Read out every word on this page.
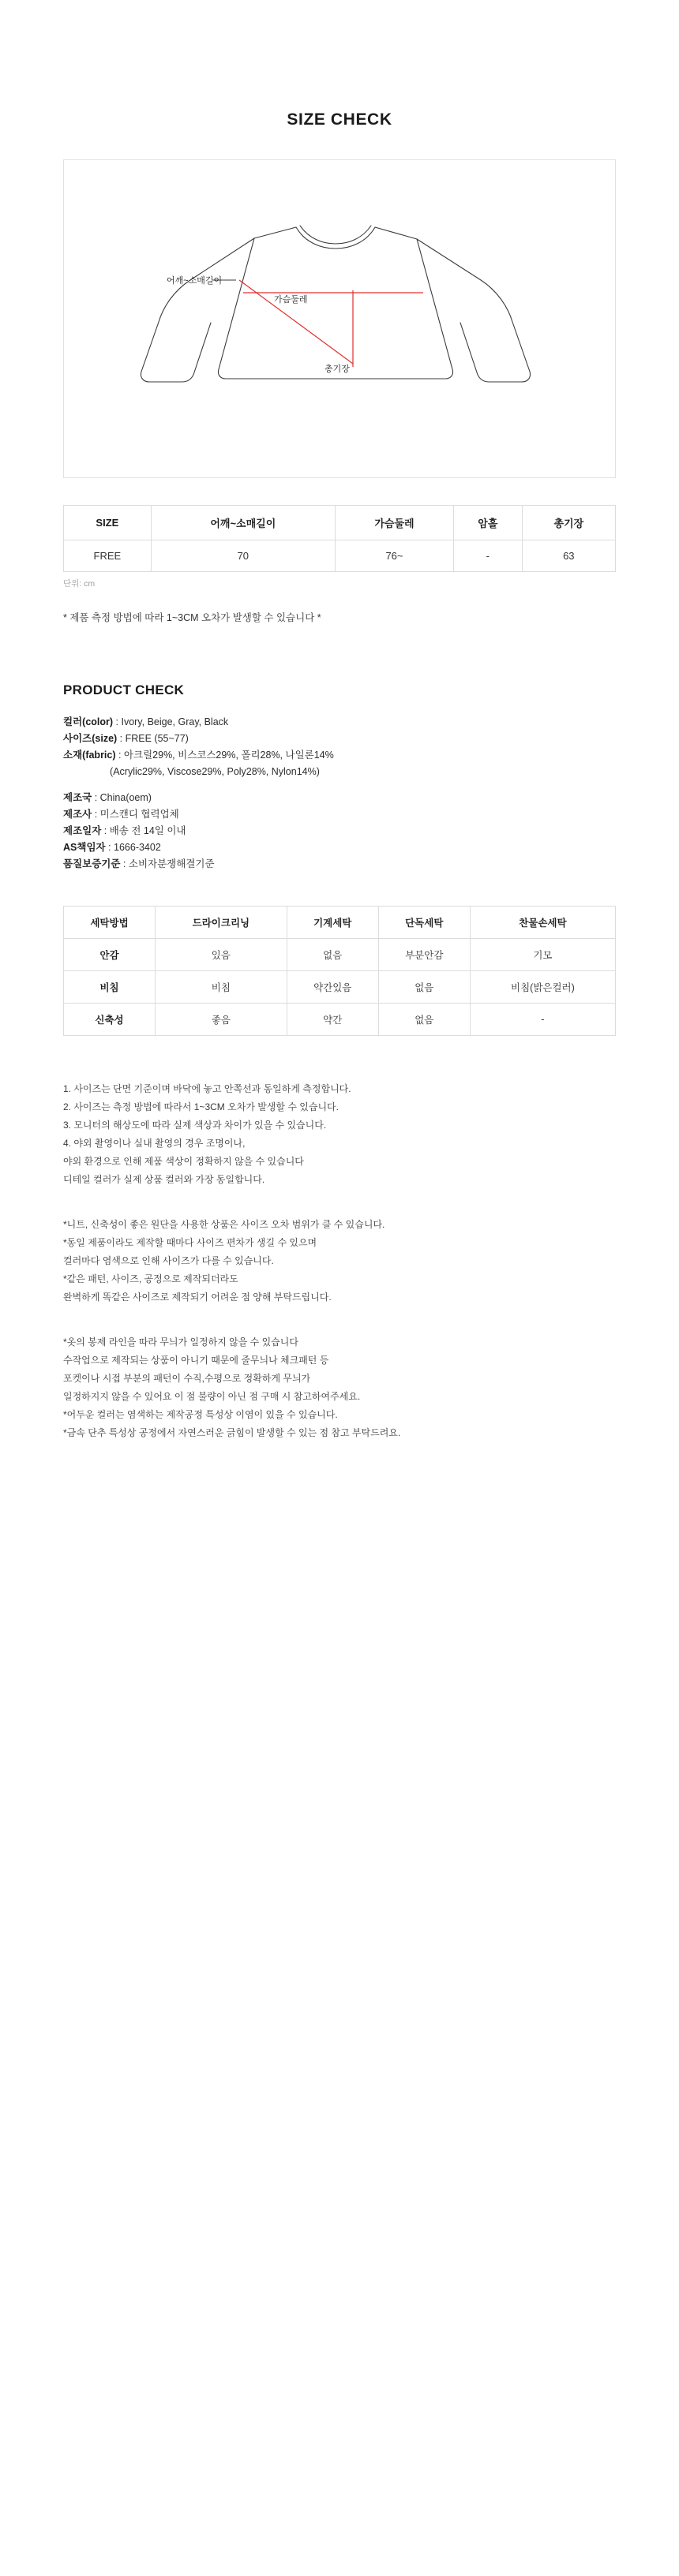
SIZE CHECK
어깨~소매길이
가슴둘레
총기장
SIZE	어깨~소매길이	가슴둘레	암홀	총기장
FREE	70	76~	-	63
단위: cm
* 제품 측정 방법에 따라 1~3CM 오차가 발생할 수 있습니다 *
PRODUCT CHECK
컬러(color) : Ivory, Beige, Gray, Black
사이즈(size) : FREE (55~77)
소재(fabric) : 아크릴29%, 비스코스29%, 폴리28%, 나일론14%
(Acrylic29%, Viscose29%, Poly28%, Nylon14%)
제조국 : China(oem)
제조사 : 미스캔디 협력업체
제조일자 : 배송 전 14일 이내
AS책임자 : 1666-3402
품질보증기준 : 소비자분쟁해결기준
세탁방법	드라이크리닝	기계세탁	단독세탁	찬물손세탁
안감	있음	없음	부분안감	기모
비침	비침	약간있음	없음	비침(밝은컬러)
신축성	좋음	약간	없음	-

1. 사이즈는 단면 기준이며 바닥에 놓고 안쪽선과 동일하게 측정합니다.

2. 사이즈는 측정 방법에 따라서 1~3CM 오차가 발생할 수 있습니다.

3. 모니터의 해상도에 따라 실제 색상과 차이가 있을 수 있습니다.

4. 야외 촬영이나 실내 촬영의 경우 조명이나,

야외 환경으로 인해 제품 색상이 정확하지 않을 수 있습니다

디테일 컬러가 실제 상품 컬러와 가장 동일합니다.

*니트, 신축성이 좋은 원단을 사용한 상품은 사이즈 오차 범위가 클 수 있습니다.

*동일 제품이라도 제작할 때마다 사이즈 편차가 생길 수 있으며

컬러마다 염색으로 인해 사이즈가 다를 수 있습니다.

*같은 패턴, 사이즈, 공정으로 제작되더라도

완벽하게 똑같은 사이즈로 제작되기 어려운 점 양해 부탁드립니다.

*옷의 봉제 라인을 따라 무늬가 일정하지 않을 수 있습니다

수작업으로 제작되는 상품이 아니기 때문에 줄무늬나 체크패턴 등

포켓이나 시접 부분의 패턴이 수직,수평으로 정확하게 무늬가

일정하지지 않을 수 있어요 이 점 불량이 아닌 점 구매 시 참고하여주세요.

*어두운 컬러는 염색하는 제작공정 특성상 이염이 있을 수 있습니다.

*금속 단추 특성상 공정에서 자연스러운 긁힘이 발생할 수 있는 점 참고 부탁드려요.
